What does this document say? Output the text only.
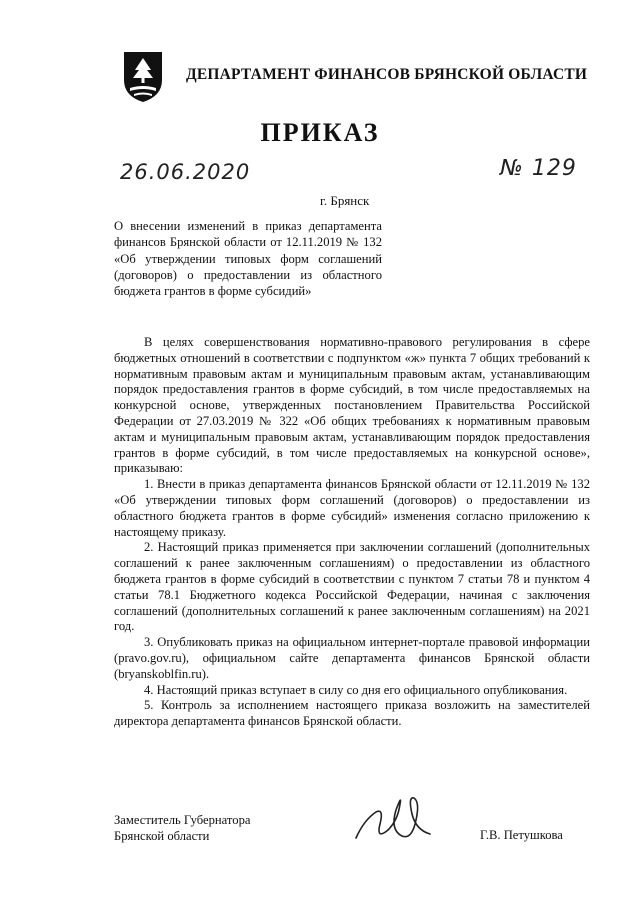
ДЕПАРТАМЕНТ ФИНАНСОВ БРЯНСКОЙ ОБЛАСТИ
ПРИКАЗ
26.06.2020	№ 129
г. Брянск
О внесении изменений в приказ департамента финансов Брянской области от 12.11.2019 № 132 «Об утверждении типовых форм соглашений (договоров) о предоставлении из областного бюджета грантов в форме субсидий»

В целях совершенствования нормативно-правового регулирования в сфере бюджетных отношений в соответствии с подпунктом «ж» пункта 7 общих требований к нормативным правовым актам и муниципальным правовым актам, устанавливающим порядок предоставления грантов в форме субсидий, в том числе предоставляемых на конкурсной основе, утвержденных постановлением Правительства Российской Федерации от 27.03.2019 № 322 «Об общих требованиях к нормативным правовым актам и муниципальным правовым актам, устанавливающим порядок предоставления грантов в форме субсидий, в том числе предоставляемых на конкурсной основе», приказываю:

1. Внести в приказ департамента финансов Брянской области от 12.11.2019 № 132 «Об утверждении типовых форм соглашений (договоров) о предоставлении из областного бюджета грантов в форме субсидий» изменения согласно приложению к настоящему приказу.

2. Настоящий приказ применяется при заключении соглашений (дополнительных соглашений к ранее заключенным соглашениям) о предоставлении из областного бюджета грантов в форме субсидий в соответствии с пунктом 7 статьи 78 и пунктом 4 статьи 78.1 Бюджетного кодекса Российской Федерации, начиная с заключения соглашений (дополнительных соглашений к ранее заключенным соглашениям) на 2021 год.

3. Опубликовать приказ на официальном интернет-портале правовой информации (pravo.gov.ru), официальном сайте департамента финансов Брянской области (bryanskoblfin.ru).

4. Настоящий приказ вступает в силу со дня его официального опубликования.

5. Контроль за исполнением настоящего приказа возложить на заместителей директора департамента финансов Брянской области.

Заместитель Губернатора
Брянской области	Г.В. Петушкова
